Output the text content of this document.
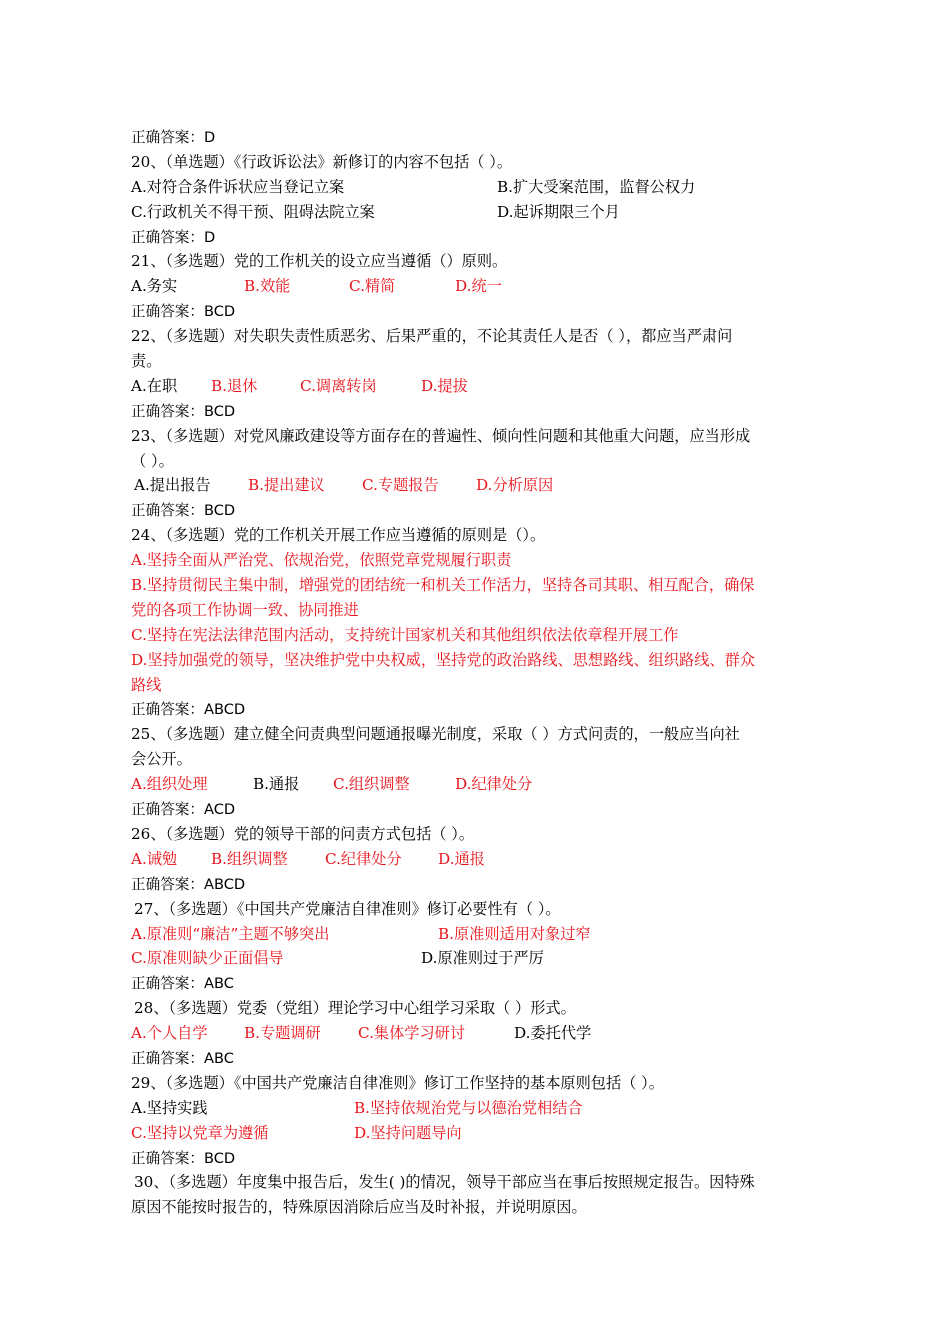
正确答案：D
20、（单选题）《行政诉讼法》新修订的内容不包括（ ）。
A.对符合条件诉状应当登记立案	B.扩大受案范围，监督公权力
C.行政机关不得干预、阻碍法院立案	D.起诉期限三个月
正确答案：D
21、（多选题）党的工作机关的设立应当遵循（）原则。
A.务实	B.效能	C.精简	D.统一
正确答案：BCD
22、（多选题）对失职失责性质恶劣、后果严重的，不论其责任人是否（ ），都应当严肃问
责。
A.在职 B.退休	C.调离转岗	D.提拔
正确答案：BCD
23、（多选题）对党风廉政建设等方面存在的普遍性、倾向性问题和其他重大问题，应当形成
（ ）。
A.提出报告 B.提出建议 C.专题报告 D.分析原因
正确答案：BCD
24、（多选题）党的工作机关开展工作应当遵循的原则是（）。
A.坚持全面从严治党、依规治党，依照党章党规履行职责
B.坚持贯彻民主集中制，增强党的团结统一和机关工作活力，坚持各司其职、相互配合，确保
党的各项工作协调一致、协同推进
C.坚持在宪法法律范围内活动，支持统计国家机关和其他组织依法依章程开展工作
D.坚持加强党的领导，坚决维护党中央权威，坚持党的政治路线、思想路线、组织路线、群众
路线
正确答案：ABCD
25、（多选题）建立健全问责典型问题通报曝光制度，采取（ ）方式问责的，一般应当向社
会公开。
A.组织处理	B.通报 C.组织调整	D.纪律处分
正确答案：ACD
26、（多选题）党的领导干部的问责方式包括（ ）。
A.诫勉 B.组织调整 C.纪律处分 D.通报
正确答案：ABCD
27、（多选题）《中国共产党廉洁自律准则》修订必要性有（ ）。
A.原准则“廉洁”主题不够突出	B.原准则适用对象过窄
C.原准则缺少正面倡导	D.原准则过于严厉
正确答案：ABC
28、（多选题）党委（党组）理论学习中心组学习采取（ ）形式。
A.个人自学 B.专题调研 C.集体学习研讨	D.委托代学
正确答案：ABC
29、（多选题）《中国共产党廉洁自律准则》修订工作坚持的基本原则包括（ ）。
A.坚持实践	B.坚持依规治党与以德治党相结合
C.坚持以党章为遵循	D.坚持问题导向
正确答案：BCD
30、（多选题）年度集中报告后，发生( )的情况，领导干部应当在事后按照规定报告。因特殊
原因不能按时报告的，特殊原因消除后应当及时补报，并说明原因。
